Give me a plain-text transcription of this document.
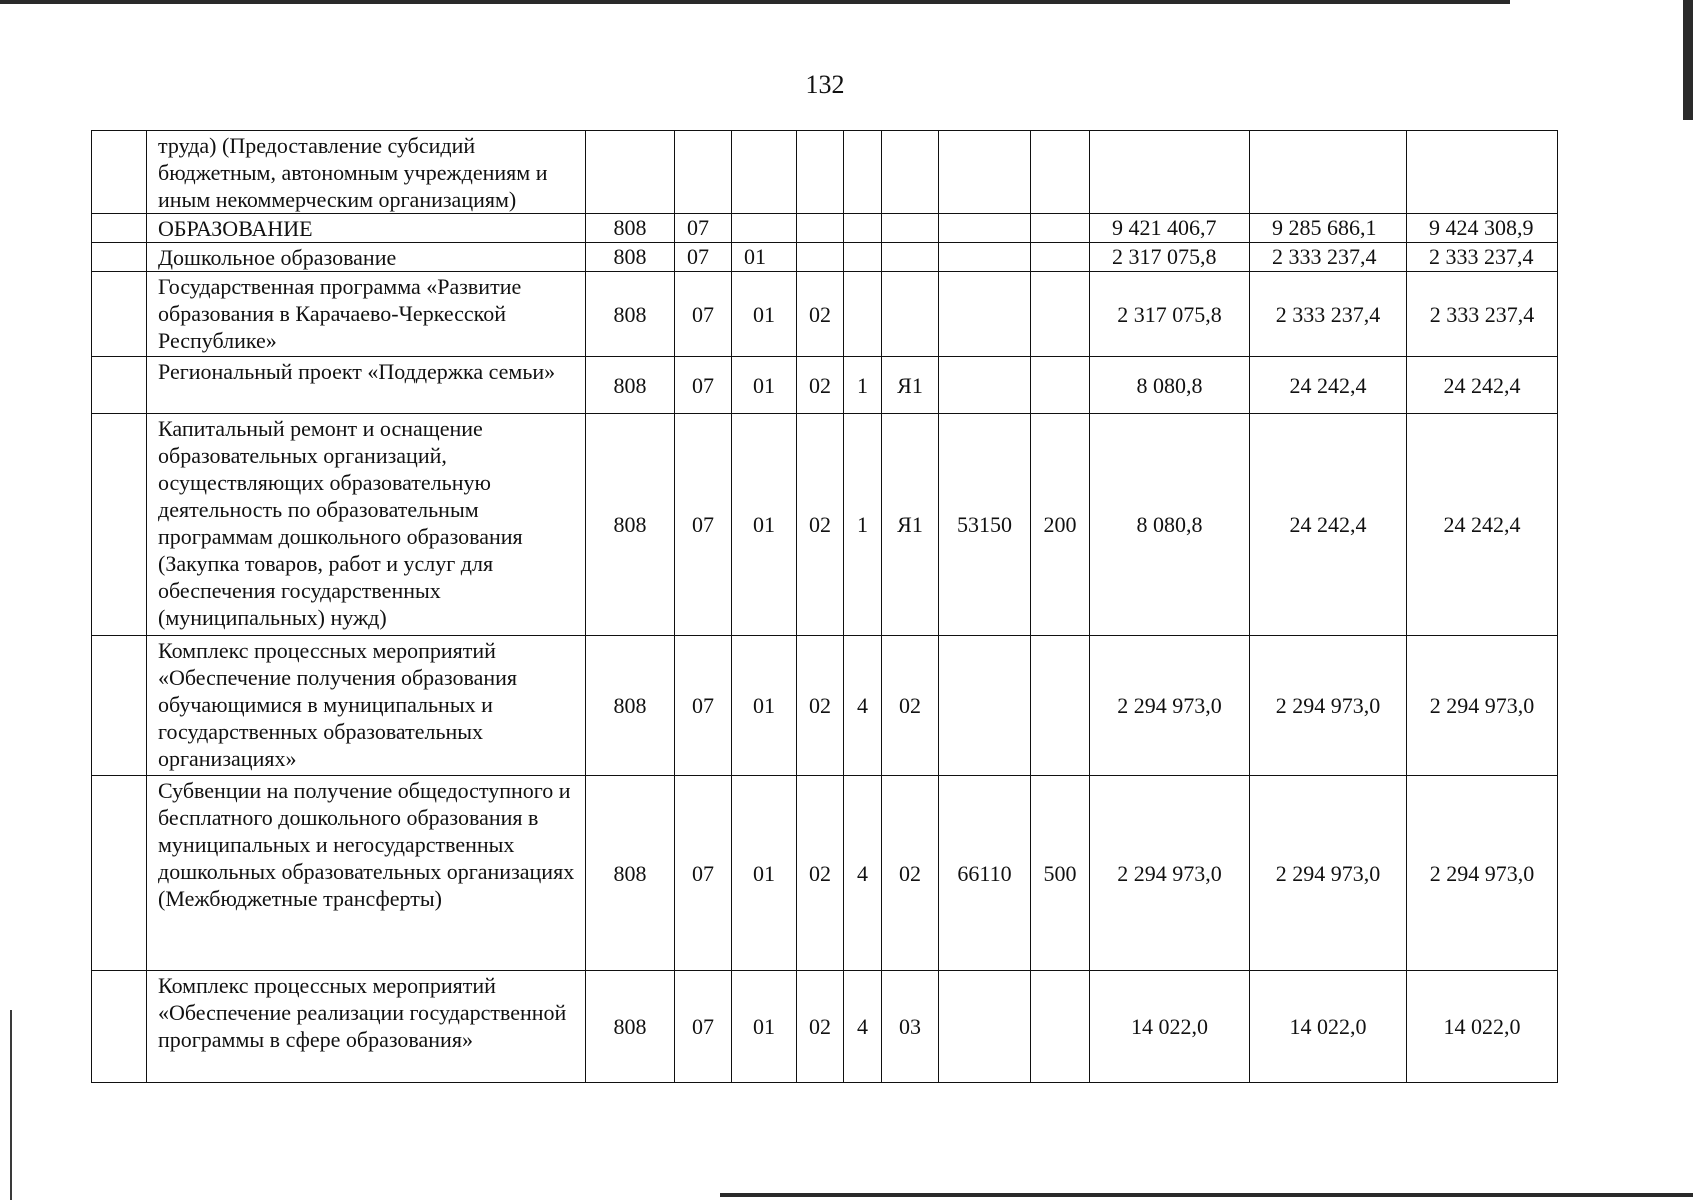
132
	труда) (Предоставление субсидий бюджетным, автономным учреждениям и иным некоммерческим организациям)											
	ОБРАЗОВАНИЕ	808	07							9 421 406,7	9 285 686,1	9 424 308,9
	Дошкольное образование	808	07	01						2 317 075,8	2 333 237,4	2 333 237,4
	Государственная программа «Развитие образования в Карачаево-Черкесской Республике»	808	07	01	02					2 317 075,8	2 333 237,4	2 333 237,4
	Региональный проект «Поддержка семьи»	808	07	01	02	1	Я1			8 080,8	24 242,4	24 242,4
	Капитальный ремонт и оснащение образовательных организаций, осуществляющих образовательную деятельность по образовательным программам дошкольного образования (Закупка товаров, работ и услуг для обеспечения государственных (муниципальных) нужд)	808	07	01	02	1	Я1	53150	200	8 080,8	24 242,4	24 242,4
	Комплекс процессных мероприятий «Обеспечение получения образования обучающимися в муниципальных и государственных образовательных организациях»	808	07	01	02	4	02			2 294 973,0	2 294 973,0	2 294 973,0
	Субвенции на получение общедоступного и бесплатного дошкольного образования в муниципальных и негосударственных дошкольных образовательных организациях (Межбюджетные трансферты)	808	07	01	02	4	02	66110	500	2 294 973,0	2 294 973,0	2 294 973,0
	Комплекс процессных мероприятий «Обеспечение реализации государственной программы в сфере образования»	808	07	01	02	4	03			14 022,0	14 022,0	14 022,0
